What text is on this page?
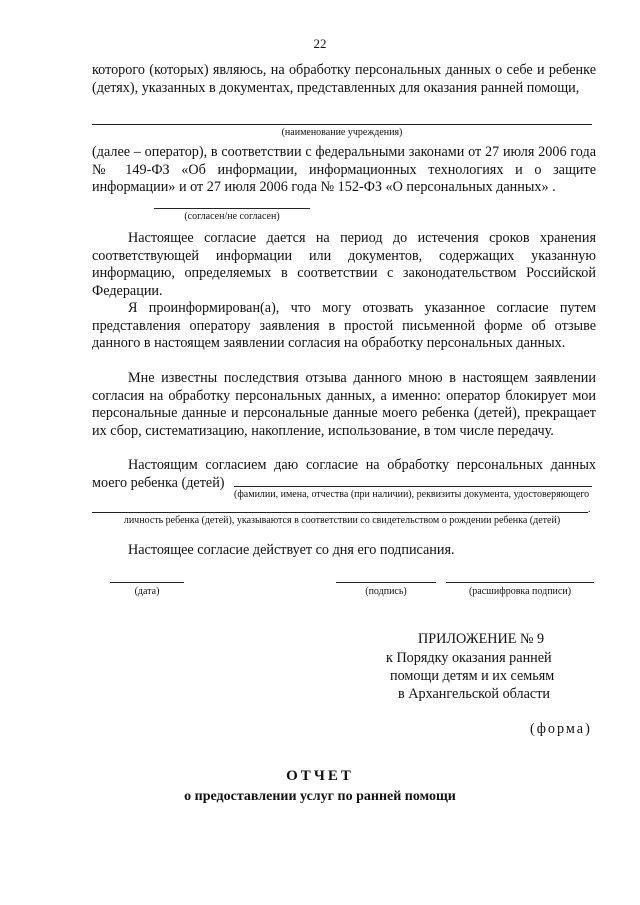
22
которого (которых) являюсь, на обработку персональных данных о себе и ребенке (детях), указанных в документах, представленных для оказания ранней помощи,
(наименование учреждения)
(далее – оператор), в соответствии с федеральными законами от 27 июля 2006 года № 149-ФЗ «Об информации, информационных технологиях и о защите информации» и от 27 июля 2006 года № 152-ФЗ «О персональных данных» .
(согласен/не согласен)
Настоящее согласие дается на период до истечения сроков хранения соответствующей информации или документов, содержащих указанную информацию, определяемых в соответствии с законодательством Российской Федерации.
Я проинформирован(а), что могу отозвать указанное согласие путем представления оператору заявления в простой письменной форме об отзыве данного в настоящем заявлении согласия на обработку персональных данных.
Мне известны последствия отзыва данного мною в настоящем заявлении согласия на обработку персональных данных, а именно: оператор блокирует мои персональные данные и персональные данные моего ребенка (детей), прекращает их сбор, систематизацию, накопление, использование, в том числе передачу.
Настоящим согласием даю согласие на обработку персональных данных моего ребенка (детей)
(фамилии, имена, отчества (при наличии), реквизиты документа, удостоверяющего
.
личность ребенка (детей), указываются в соответствии со свидетельством о рождении ребенка (детей)
Настоящее согласие действует со дня его подписания.
(дата)	(подпись)	(расшифровка подписи)
ПРИЛОЖЕНИЕ № 9
к Порядку оказания ранней
помощи детям и их семьям
в Архангельской области
(форма)
ОТЧЕТ
о предоставлении услуг по ранней помощи
